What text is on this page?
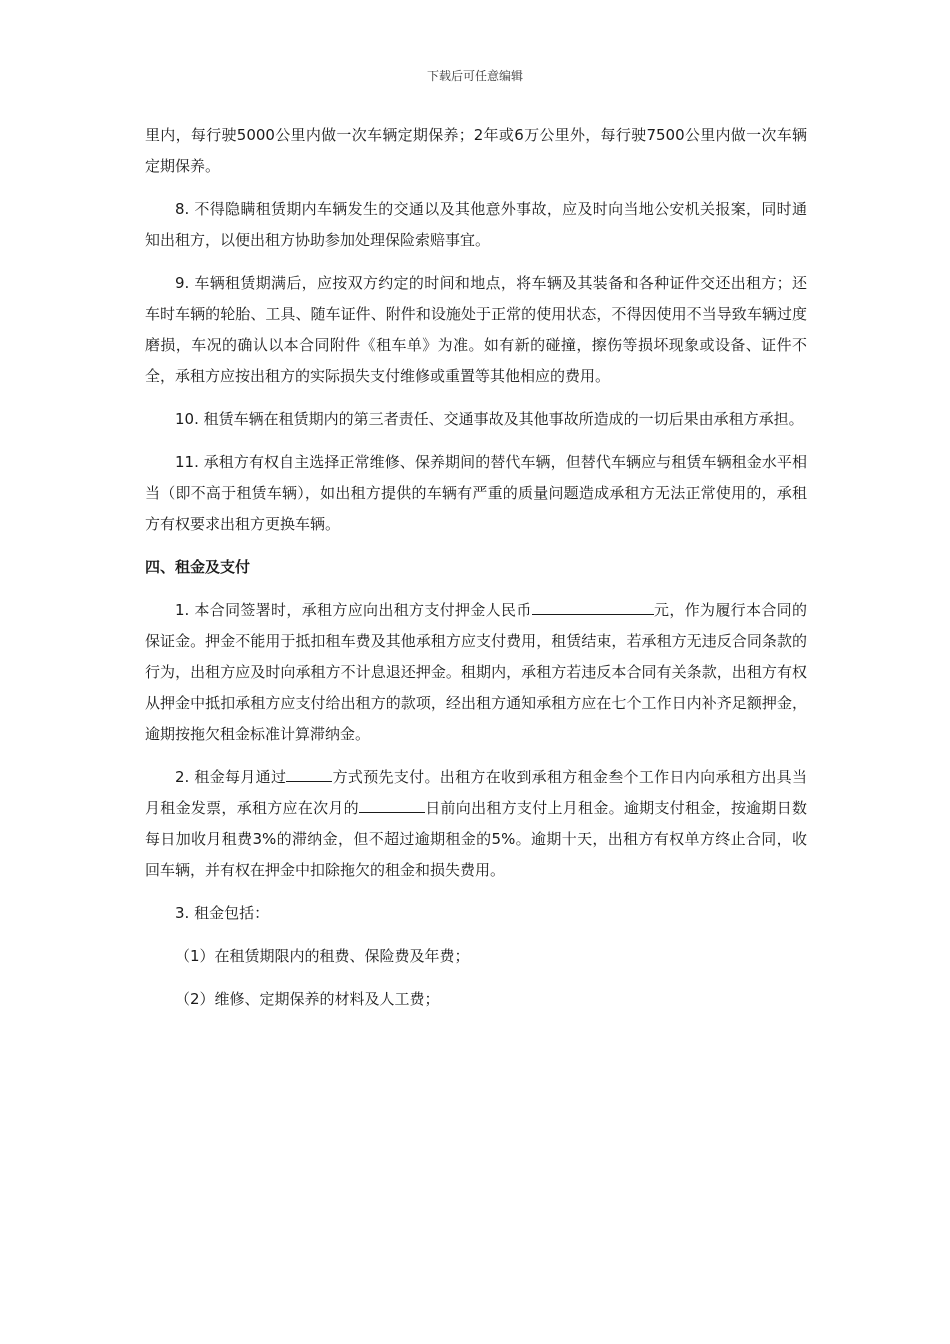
下载后可任意编辑

里内，每行驶5000公里内做一次车辆定期保养；2年或6万公里外，每行驶7500公里内做一次车辆定期保养。

8. 不得隐瞒租赁期内车辆发生的交通以及其他意外事故，应及时向当地公安机关报案，同时通知出租方，以便出租方协助参加处理保险索赔事宜。

9. 车辆租赁期满后，应按双方约定的时间和地点，将车辆及其装备和各种证件交还出租方；还车时车辆的轮胎、工具、随车证件、附件和设施处于正常的使用状态，不得因使用不当导致车辆过度磨损，车况的确认以本合同附件《租车单》为准。如有新的碰撞，擦伤等损坏现象或设备、证件不全，承租方应按出租方的实际损失支付维修或重置等其他相应的费用。

10. 租赁车辆在租赁期内的第三者责任、交通事故及其他事故所造成的一切后果由承租方承担。

11. 承租方有权自主选择正常维修、保养期间的替代车辆，但替代车辆应与租赁车辆租金水平相当（即不高于租赁车辆），如出租方提供的车辆有严重的质量问题造成承租方无法正常使用的，承租方有权要求出租方更换车辆。

四、租金及支付

1. 本合同签署时，承租方应向出租方支付押金人民币	元，作为履行本合同的保证金。押金不能用于抵扣租车费及其他承租方应支付费用，租赁结束，若承租方无违反合同条款的行为，出租方应及时向承租方不计息退还押金。租期内，承租方若违反本合同有关条款，出租方有权从押金中抵扣承租方应支付给出租方的款项，经出租方通知承租方应在七个工作日内补齐足额押金，逾期按拖欠租金标准计算滞纳金。

2. 租金每月通过	方式预先支付。出租方在收到承租方租金叁个工作日内向承租方出具当月租金发票，承租方应在次月的	日前向出租方支付上月租金。逾期支付租金，按逾期日数每日加收月租费3%的滞纳金，但不超过逾期租金的5%。逾期十天，出租方有权单方终止合同，收回车辆，并有权在押金中扣除拖欠的租金和损失费用。

3. 租金包括：

（1）在租赁期限内的租费、保险费及年费；

（2）维修、定期保养的材料及人工费；
